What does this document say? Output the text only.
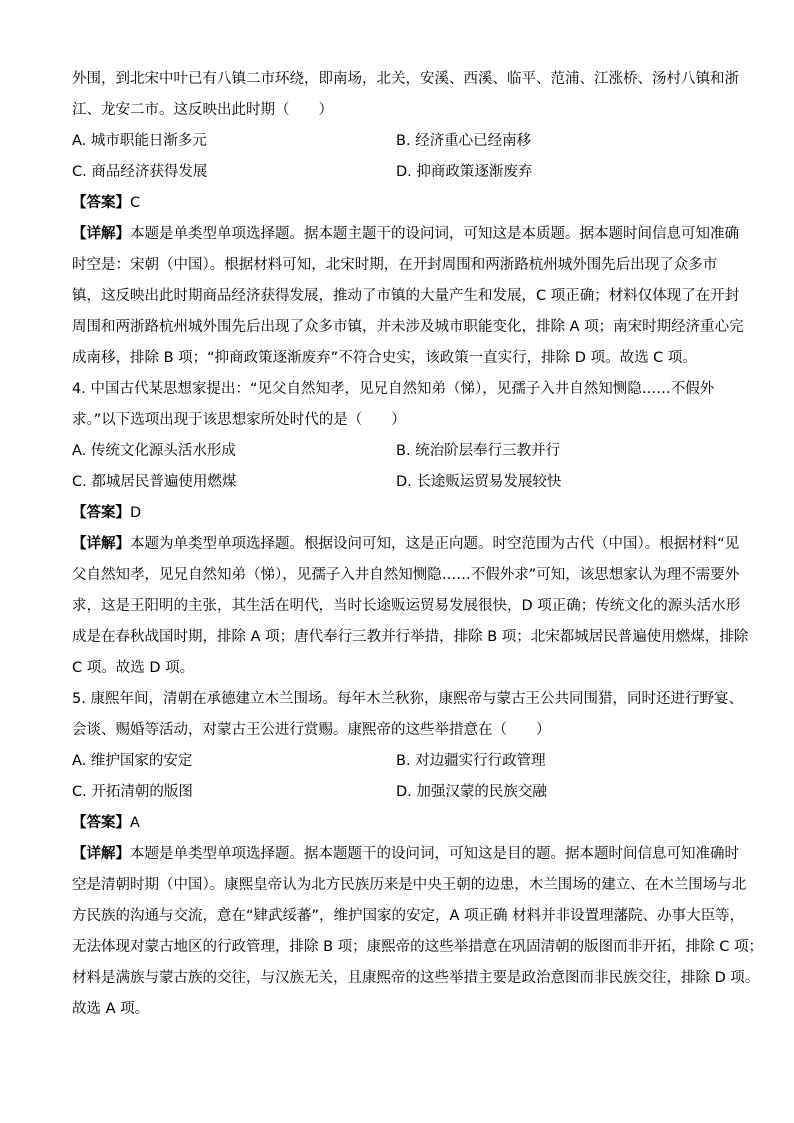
外围，到北宋中叶已有八镇二市环绕，即南场，北关，安溪、西溪、临平、范浦、江涨桥、汤村八镇和浙
江、龙安二市。这反映出此时期（　　）
A. 城市职能日渐多元	B. 经济重心已经南移
C. 商品经济获得发展	D. 抑商政策逐渐废弃
【答案】C
【详解】本题是单类型单项选择题。据本题主题干的设问词，可知这是本质题。据本题时间信息可知准确
时空是：宋朝（中国）。根据材料可知，北宋时期，在开封周围和两浙路杭州城外围先后出现了众多市
镇，这反映出此时期商品经济获得发展，推动了市镇的大量产生和发展，C 项正确；材料仅体现了在开封
周围和两浙路杭州城外围先后出现了众多市镇，并未涉及城市职能变化，排除 A 项；南宋时期经济重心完
成南移，排除 B 项；“抑商政策逐渐废弃”不符合史实，该政策一直实行，排除 D 项。故选 C 项。
4. 中国古代某思想家提出：“见父自然知孝，见兄自然知弟（悌），见孺子入井自然知恻隐……不假外
求。”以下选项出现于该思想家所处时代的是（　　）
A. 传统文化源头活水形成	B. 统治阶层奉行三教并行
C. 都城居民普遍使用燃煤	D. 长途贩运贸易发展较快
【答案】D
【详解】本题为单类型单项选择题。根据设问可知，这是正向题。时空范围为古代（中国）。根据材料“见
父自然知孝，见兄自然知弟（悌），见孺子入井自然知恻隐……不假外求”可知，该思想家认为理不需要外
求，这是王阳明的主张，其生活在明代，当时长途贩运贸易发展很快，D 项正确；传统文化的源头活水形
成是在春秋战国时期，排除 A 项；唐代奉行三教并行举措，排除 B 项；北宋都城居民普遍使用燃煤，排除
C 项。故选 D 项。
5. 康熙年间，清朝在承德建立木兰围场。每年木兰秋狝，康熙帝与蒙古王公共同围猎，同时还进行野宴、
会谈、赐婚等活动，对蒙古王公进行赏赐。康熙帝的这些举措意在（　　）
A. 维护国家的安定	B. 对边疆实行行政管理
C. 开拓清朝的版图	D. 加强汉蒙的民族交融
【答案】A
【详解】本题是单类型单项选择题。据本题题干的设问词，可知这是目的题。据本题时间信息可知准确时
空是清朝时期（中国）。康熙皇帝认为北方民族历来是中央王朝的边患，木兰围场的建立、在木兰围场与北
方民族的沟通与交流，意在“肄武绥蕃”，维护国家的安定，A 项正确 材料并非设置理藩院、办事大臣等，
无法体现对蒙古地区的行政管理，排除 B 项；康熙帝的这些举措意在巩固清朝的版图而非开拓，排除 C 项；
材料是满族与蒙古族的交往，与汉族无关，且康熙帝的这些举措主要是政治意图而非民族交往，排除 D 项。
故选 A 项。
